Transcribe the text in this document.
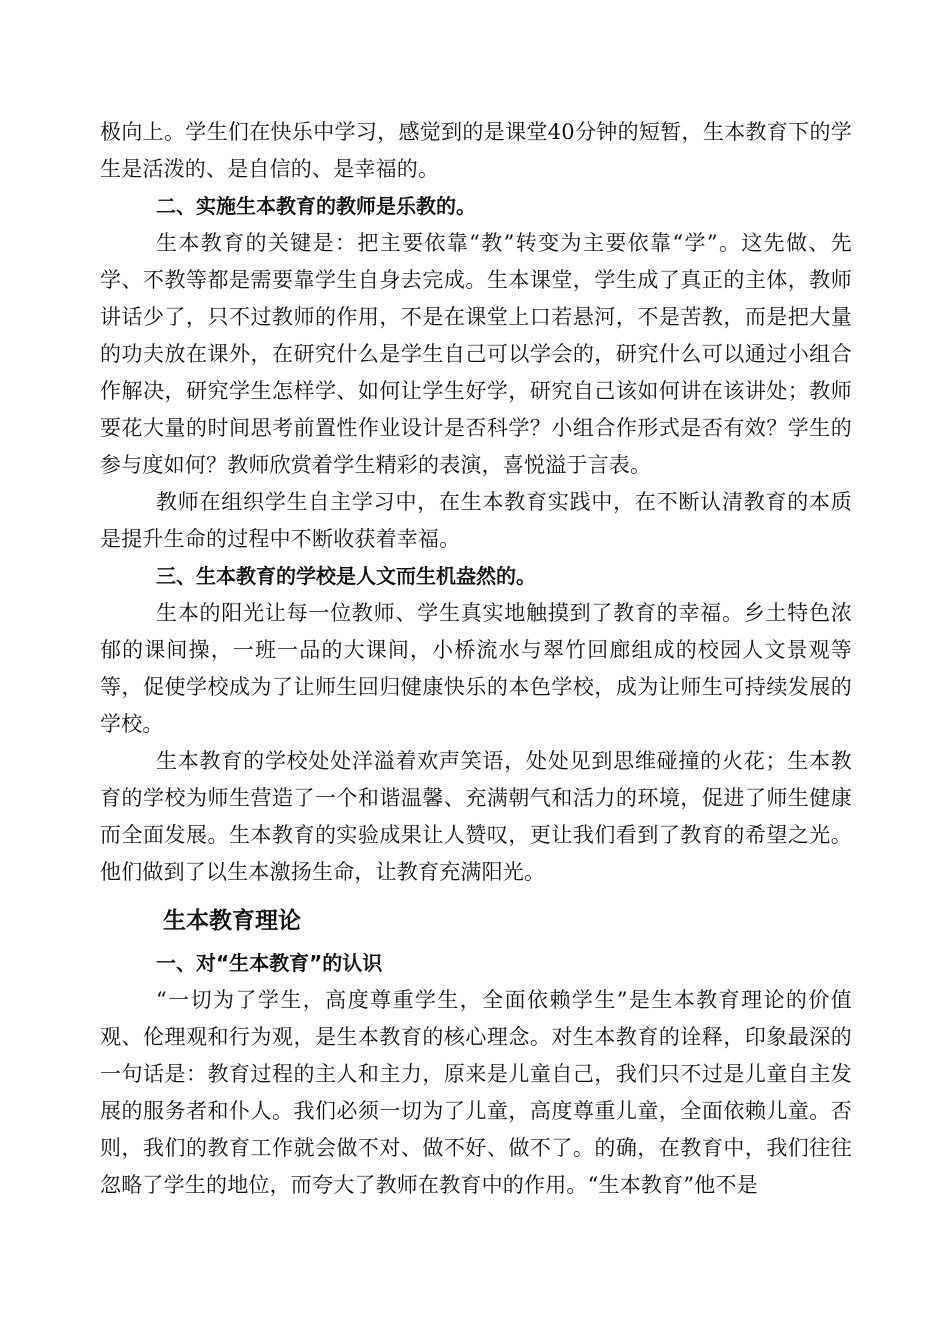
极向上。学生们在快乐中学习，感觉到的是课堂40分钟的短暂，生本教育下的学生是活泼的、是自信的、是幸福的。

二、实施生本教育的教师是乐教的。

生本教育的关键是：把主要依靠“教”转变为主要依靠“学”。这先做、先学、不教等都是需要靠学生自身去完成。生本课堂，学生成了真正的主体，教师讲话少了，只不过教师的作用，不是在课堂上口若悬河，不是苦教，而是把大量的功夫放在课外，在研究什么是学生自己可以学会的，研究什么可以通过小组合作解决，研究学生怎样学、如何让学生好学，研究自己该如何讲在该讲处；教师要花大量的时间思考前置性作业设计是否科学？小组合作形式是否有效？学生的参与度如何？教师欣赏着学生精彩的表演，喜悦溢于言表。

教师在组织学生自主学习中，在生本教育实践中，在不断认清教育的本质是提升生命的过程中不断收获着幸福。

三、生本教育的学校是人文而生机盎然的。

生本的阳光让每一位教师、学生真实地触摸到了教育的幸福。乡土特色浓郁的课间操，一班一品的大课间，小桥流水与翠竹回廊组成的校园人文景观等等，促使学校成为了让师生回归健康快乐的本色学校，成为让师生可持续发展的学校。

生本教育的学校处处洋溢着欢声笑语，处处见到思维碰撞的火花；生本教育的学校为师生营造了一个和谐温馨、充满朝气和活力的环境，促进了师生健康而全面发展。生本教育的实验成果让人赞叹，更让我们看到了教育的希望之光。他们做到了以生本激扬生命，让教育充满阳光。

生本教育理论
一、对“生本教育”的认识

“一切为了学生，高度尊重学生，全面依赖学生”是生本教育理论的价值观、伦理观和行为观，是生本教育的核心理念。对生本教育的诠释，印象最深的一句话是：教育过程的主人和主力，原来是儿童自己，我们只不过是儿童自主发展的服务者和仆人。我们必须一切为了儿童，高度尊重儿童，全面依赖儿童。否则，我们的教育工作就会做不对、做不好、做不了。的确，在教育中，我们往往忽略了学生的地位，而夸大了教师在教育中的作用。“生本教育”他不是
